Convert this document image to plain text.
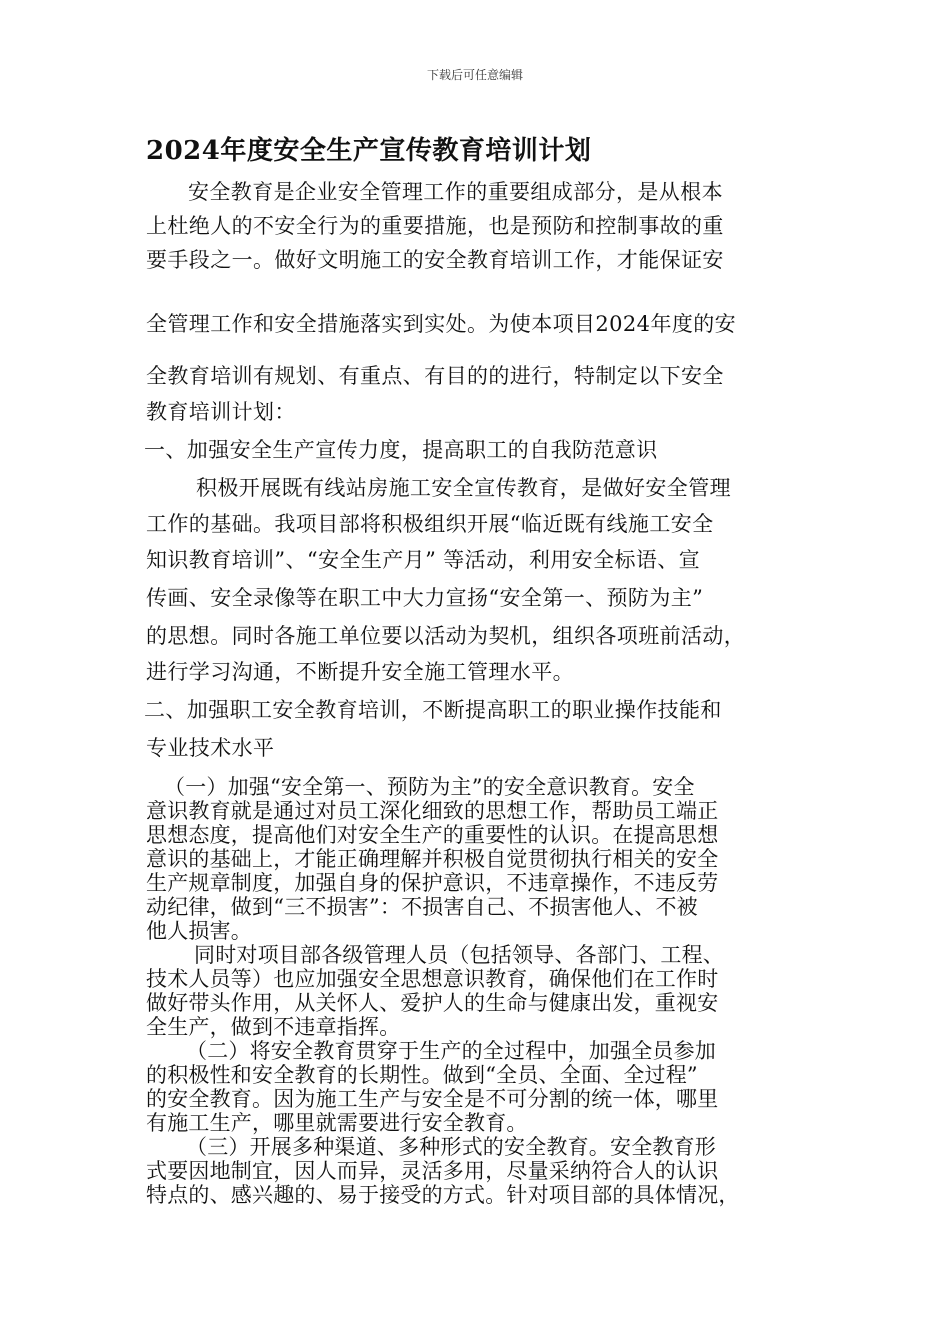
下载后可任意编辑
2024年度安全生产宣传教育培训计划
安全教育是企业安全管理工作的重要组成部分，是从根本
上杜绝人的不安全行为的重要措施，也是预防和控制事故的重
要手段之一。做好文明施工的安全教育培训工作，才能保证安
全管理工作和安全措施落实到实处。为使本项目2024年度的安
全教育培训有规划、有重点、有目的的进行，特制定以下安全
教育培训计划：
一、加强安全生产宣传力度，提高职工的自我防范意识
积极开展既有线站房施工安全宣传教育，是做好安全管理
工作的基础。我项目部将积极组织开展“临近既有线施工安全
知识教育培训”、“安全生产月” 等活动，利用安全标语、宣
传画、安全录像等在职工中大力宣扬“安全第一、预防为主”
的思想。同时各施工单位要以活动为契机，组织各项班前活动，
进行学习沟通，不断提升安全施工管理水平。
二、加强职工安全教育培训，不断提高职工的职业操作技能和
专业技术水平
（一）加强“安全第一、预防为主”的安全意识教育。安全
意识教育就是通过对员工深化细致的思想工作，帮助员工端正
思想态度，提高他们对安全生产的重要性的认识。在提高思想
意识的基础上，才能正确理解并积极自觉贯彻执行相关的安全
生产规章制度，加强自身的保护意识，不违章操作，不违反劳
动纪律，做到“三不损害”：不损害自己、不损害他人、不被
他人损害。
同时对项目部各级管理人员（包括领导、各部门、工程、
技术人员等）也应加强安全思想意识教育，确保他们在工作时
做好带头作用，从关怀人、爱护人的生命与健康出发，重视安
全生产，做到不违章指挥。
（二）将安全教育贯穿于生产的全过程中，加强全员参加
的积极性和安全教育的长期性。做到“全员、全面、全过程”
的安全教育。因为施工生产与安全是不可分割的统一体，哪里
有施工生产，哪里就需要进行安全教育。
（三）开展多种渠道、多种形式的安全教育。安全教育形
式要因地制宜，因人而异，灵活多用，尽量采纳符合人的认识
特点的、感兴趣的、易于接受的方式。针对项目部的具体情况，
